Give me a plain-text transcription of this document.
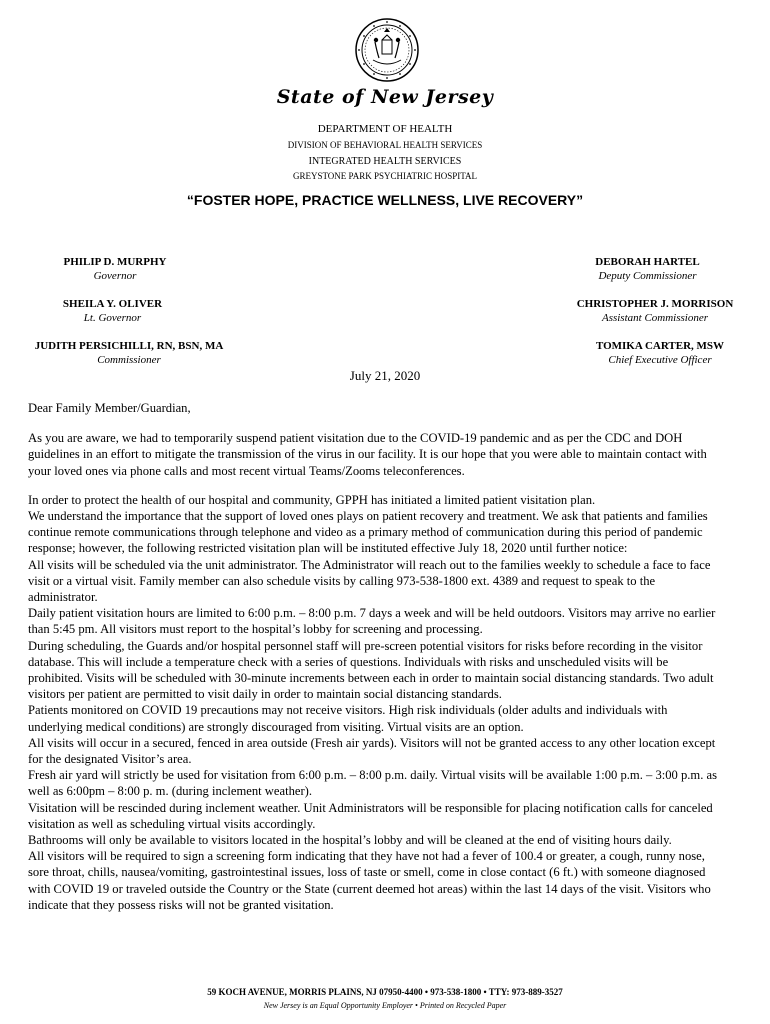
State of New Jersey
DEPARTMENT OF HEALTH
DIVISION OF BEHAVIORAL HEALTH SERVICES
INTEGRATED HEALTH SERVICES
GREYSTONE PARK PSYCHIATRIC HOSPITAL
“FOSTER HOPE, PRACTICE WELLNESS, LIVE RECOVERY”
PHILIP D. MURPHY
Governor
SHEILA Y. OLIVER
Lt. Governor
JUDITH PERSICHILLI, RN, BSN, MA
Commissioner
DEBORAH HARTEL
Deputy Commissioner
CHRISTOPHER J. MORRISON
Assistant Commissioner
TOMIKA CARTER, MSW
Chief Executive Officer
July 21, 2020

Dear Family Member/Guardian,

As you are aware, we had to temporarily suspend patient visitation due to the COVID-19 pandemic and as per the CDC and DOH guidelines in an effort to mitigate the transmission of the virus in our facility. It is our hope that you were able to maintain contact with your loved ones via phone calls and most recent virtual Teams/Zooms teleconferences.

In order to protect the health of our hospital and community, GPPH has initiated a limited patient visitation plan.

We understand the importance that the support of loved ones plays on patient recovery and treatment. We ask that patients and families continue remote communications through telephone and video as a primary method of communication during this period of pandemic response; however, the following restricted visitation plan will be instituted effective July 18, 2020 until further notice:

All visits will be scheduled via the unit administrator. The Administrator will reach out to the families weekly to schedule a face to face visit or a virtual visit. Family member can also schedule visits by calling 973-538-1800 ext. 4389 and request to speak to the administrator.

Daily patient visitation hours are limited to 6:00 p.m. – 8:00 p.m. 7 days a week and will be held outdoors. Visitors may arrive no earlier than 5:45 pm. All visitors must report to the hospital’s lobby for screening and processing.

During scheduling, the Guards and/or hospital personnel staff will pre-screen potential visitors for risks before recording in the visitor database. This will include a temperature check with a series of questions. Individuals with risks and unscheduled visits will be prohibited. Visits will be scheduled with 30-minute increments between each in order to maintain social distancing standards. Two adult visitors per patient are permitted to visit daily in order to maintain social distancing standards.

Patients monitored on COVID 19 precautions may not receive visitors. High risk individuals (older adults and individuals with underlying medical conditions) are strongly discouraged from visiting. Virtual visits are an option.

All visits will occur in a secured, fenced in area outside (Fresh air yards). Visitors will not be granted access to any other location except for the designated Visitor’s area.

Fresh air yard will strictly be used for visitation from 6:00 p.m. – 8:00 p.m. daily. Virtual visits will be available 1:00 p.m. – 3:00 p.m. as well as 6:00pm – 8:00 p. m. (during inclement weather).

Visitation will be rescinded during inclement weather. Unit Administrators will be responsible for placing notification calls for canceled visitation as well as scheduling virtual visits accordingly.

Bathrooms will only be available to visitors located in the hospital’s lobby and will be cleaned at the end of visiting hours daily.

All visitors will be required to sign a screening form indicating that they have not had a fever of 100.4 or greater, a cough, runny nose, sore throat, chills, nausea/vomiting, gastrointestinal issues, loss of taste or smell, come in close contact (6 ft.) with someone diagnosed with COVID 19 or traveled outside the Country or the State (current deemed hot areas) within the last 14 days of the visit. Visitors who indicate that they possess risks will not be granted visitation.

59 KOCH AVENUE, MORRIS PLAINS, NJ 07950-4400 • 973-538-1800 • TTY: 973-889-3527
New Jersey is an Equal Opportunity Employer • Printed on Recycled Paper
